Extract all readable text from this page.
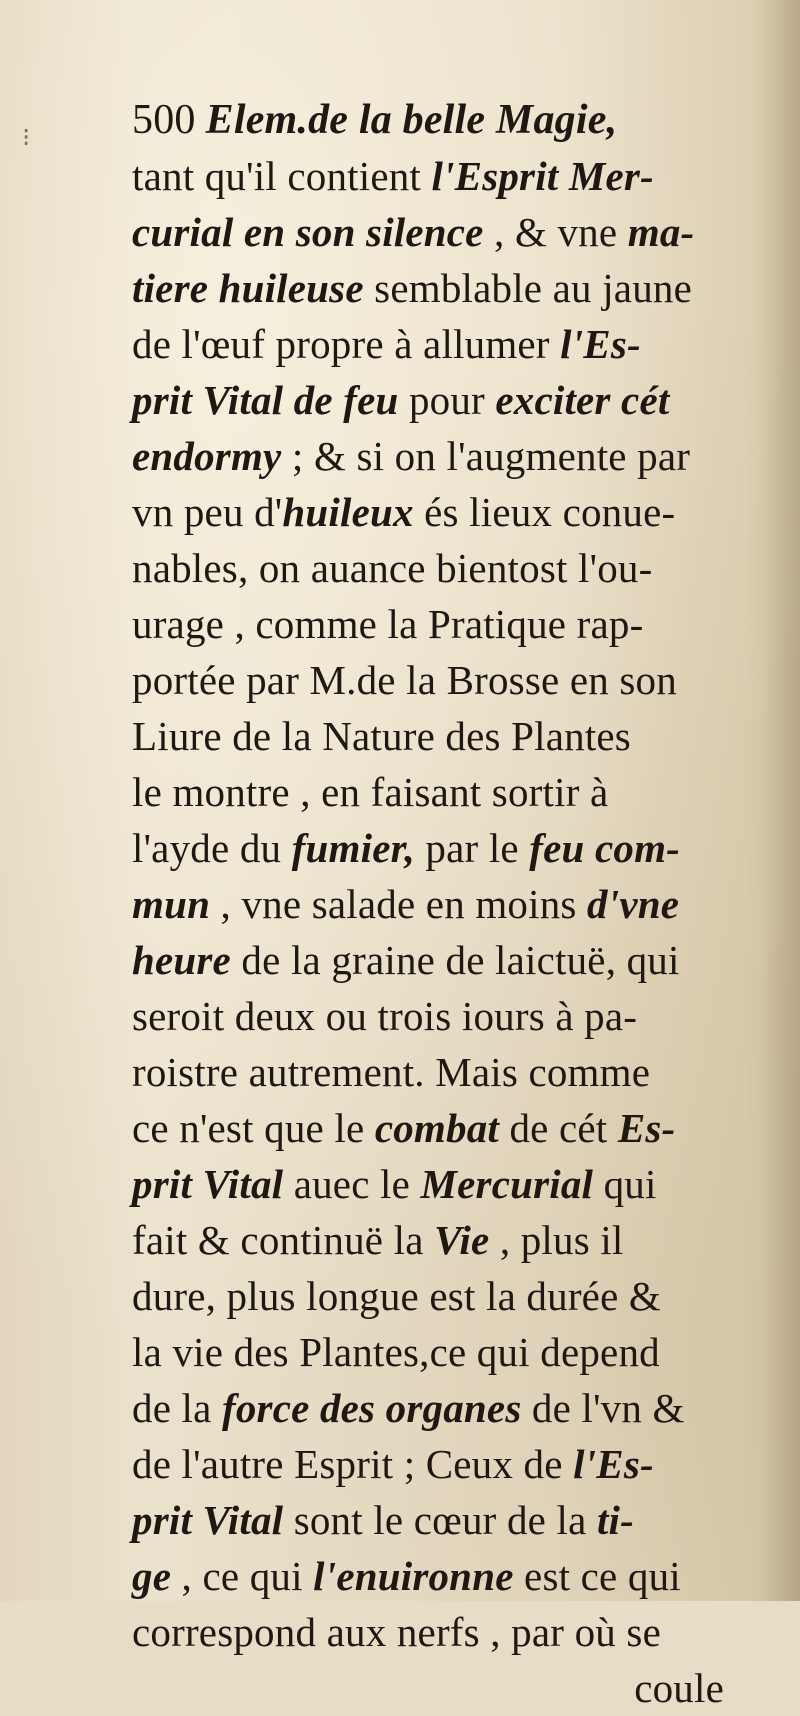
⁝	500 Elem.de la belle Magie,
tant qu'il contient l'Esprit Mer-
curial en son silence , & vne ma-
tiere huileuse semblable au jaune
de l'œuf propre à allumer l'Es-
prit Vital de feu pour exciter cét
endormy ; & si on l'augmente par
vn peu d'huileux és lieux conue-
nables, on auance bientost l'ou-
urage , comme la Pratique rap-
portée par M.de la Brosse en son
Liure de la Nature des Plantes
le montre , en faisant sortir à
l'ayde du fumier, par le feu com-
mun , vne salade en moins d'vne
heure de la graine de laictuë, qui
seroit deux ou trois iours à pa-
roistre autrement. Mais comme
ce n'est que le combat de cét Es-
prit Vital auec le Mercurial qui
fait & continuë la Vie , plus il
dure, plus longue est la durée &
la vie des Plantes,ce qui depend
de la force des organes de l'vn &
de l'autre Esprit ; Ceux de l'Es-
prit Vital sont le cœur de la ti-
ge , ce qui l'enuironne est ce qui
correspond aux nerfs , par où se
coule
